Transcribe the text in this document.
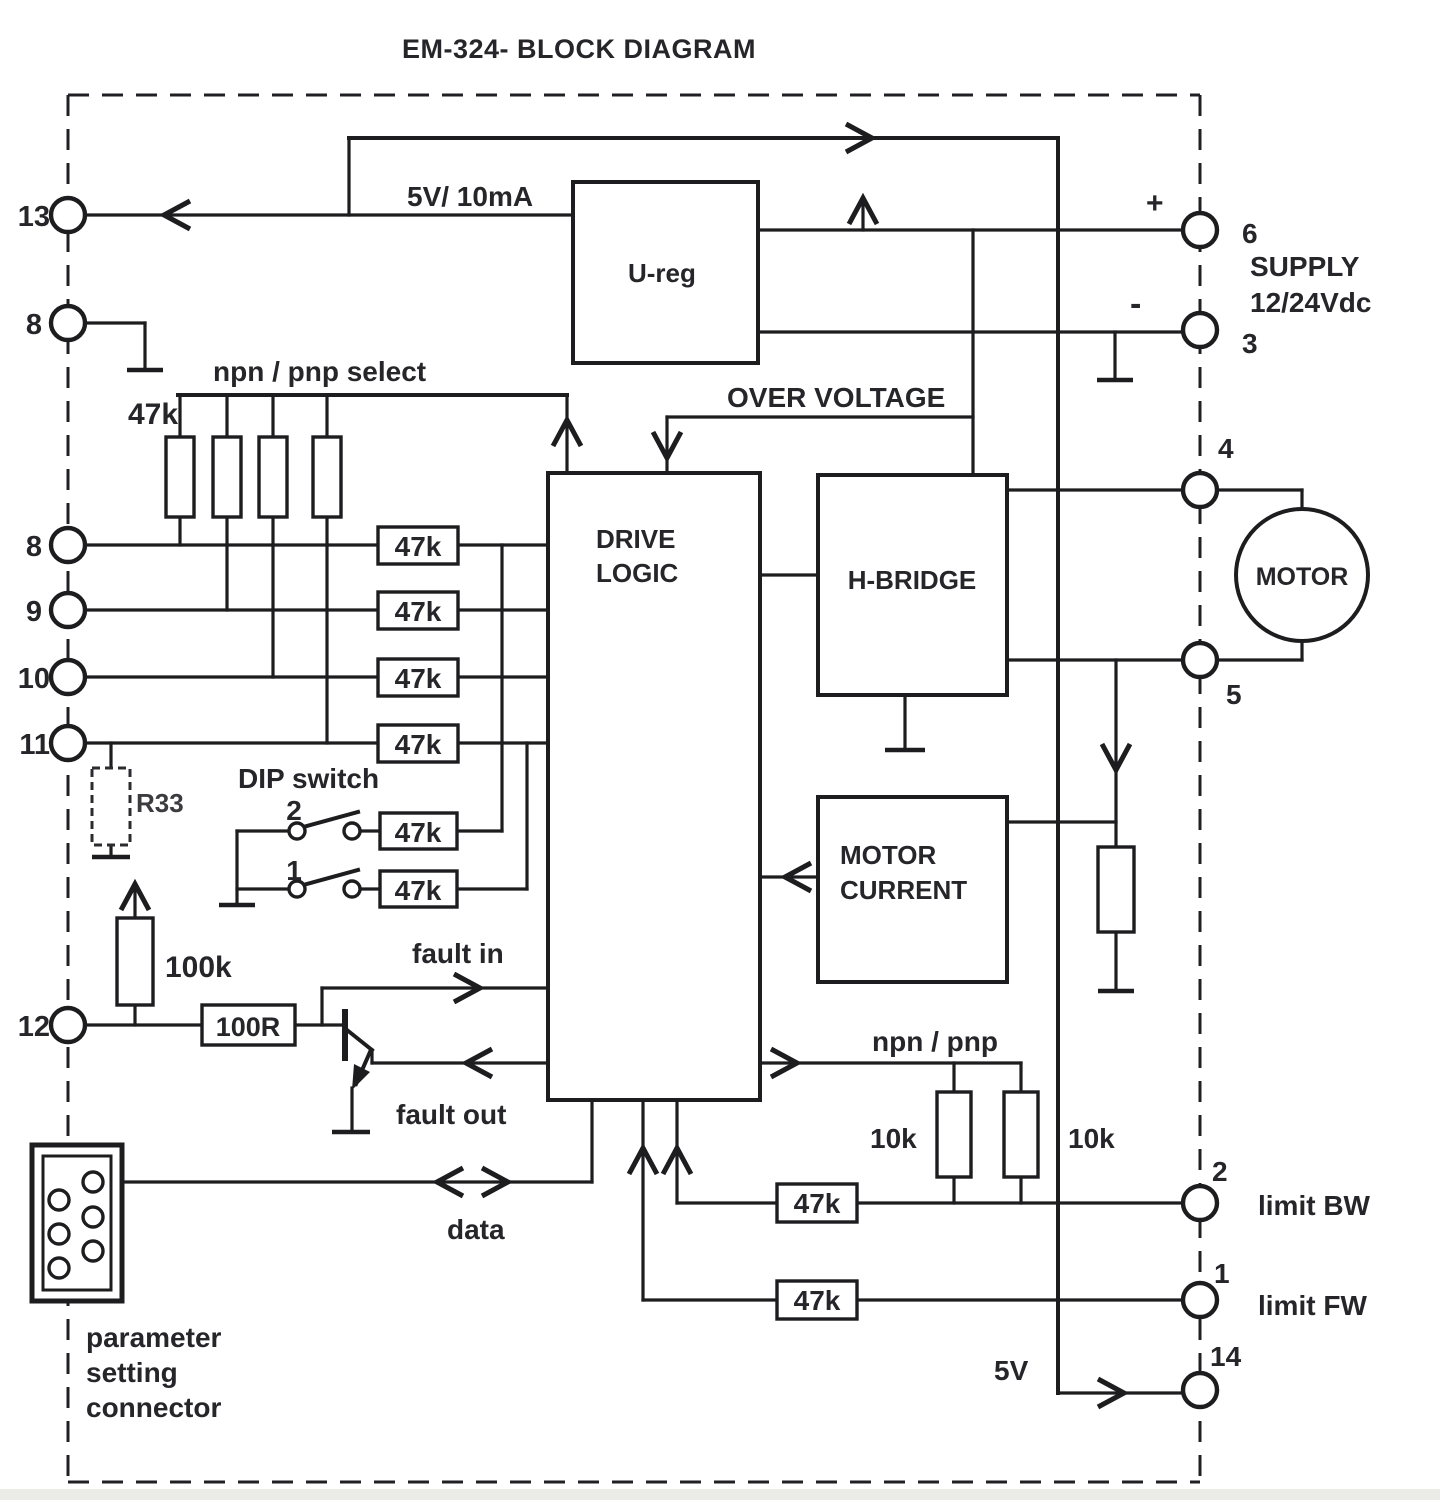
EM-324- BLOCK DIAGRAM
U-reg
DRIVE
LOGIC	H-BRIDGE
MOTOR
CURRENT
MOTOR
13
8
8
9
10
11
12
6
SUPPLY
12/24Vdc
3
+
-
4
5
2
limit BW
1
limit FW
14
5V
5V/ 10mA
npn / pnp select
47k
OVER VOLTAGE
DIP switch
2
1
R33
100k
100R
fault in
fault out
npn / pnp
10k	10k
data
parameter
setting
connector
47k
47k
47k
47k
47k
47k
47k
47k
